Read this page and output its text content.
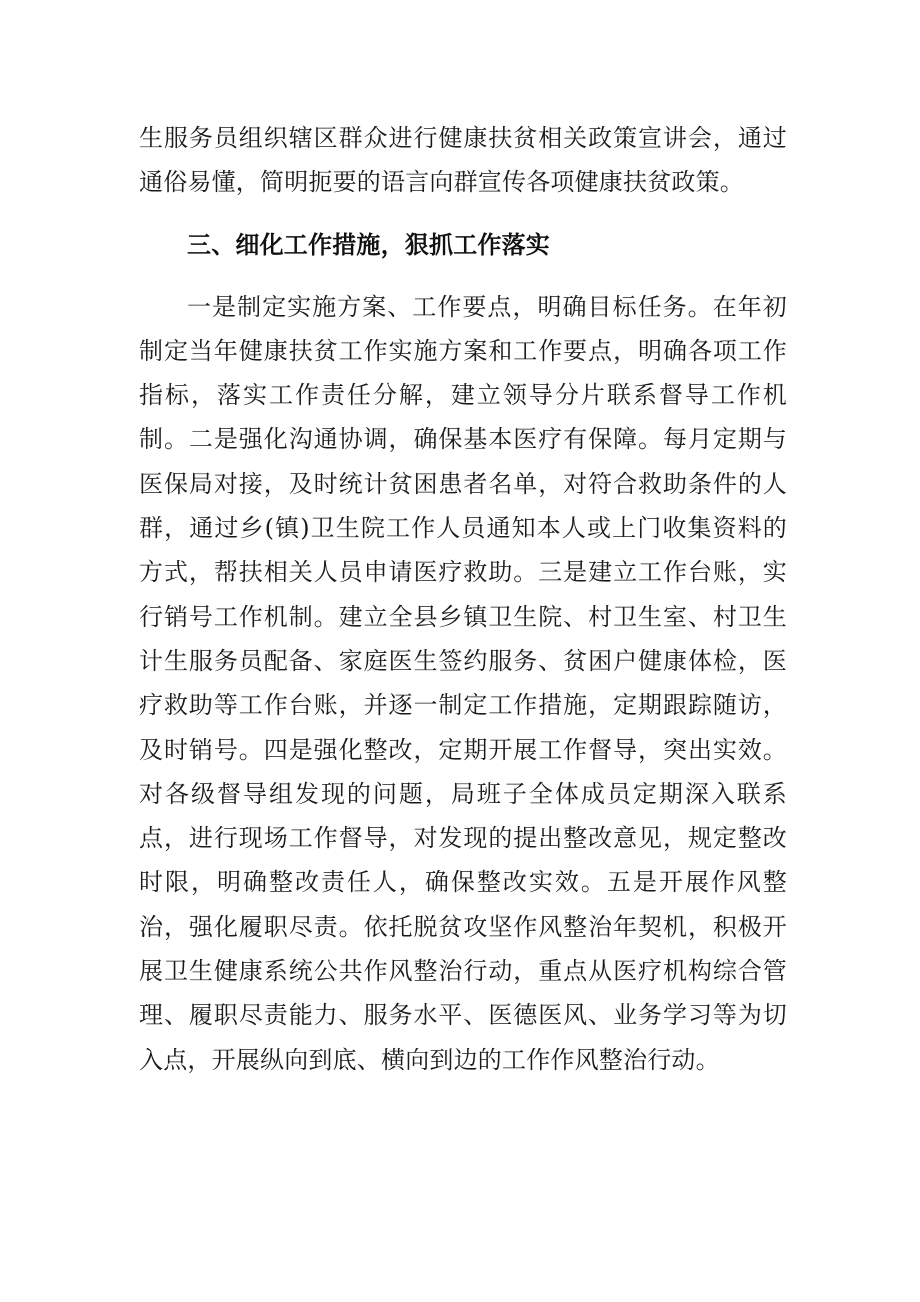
生服务员组织辖区群众进行健康扶贫相关政策宣讲会，通过通俗易懂，简明扼要的语言向群宣传各项健康扶贫政策。

三、细化工作措施，狠抓工作落实

一是制定实施方案、工作要点，明确目标任务。在年初制定当年健康扶贫工作实施方案和工作要点，明确各项工作指标，落实工作责任分解，建立领导分片联系督导工作机制。二是强化沟通协调，确保基本医疗有保障。每月定期与医保局对接，及时统计贫困患者名单，对符合救助条件的人群，通过乡(镇)卫生院工作人员通知本人或上门收集资料的方式，帮扶相关人员申请医疗救助。三是建立工作台账，实行销号工作机制。建立全县乡镇卫生院、村卫生室、村卫生计生服务员配备、家庭医生签约服务、贫困户健康体检，医疗救助等工作台账，并逐一制定工作措施，定期跟踪随访，及时销号。四是强化整改，定期开展工作督导，突出实效。对各级督导组发现的问题，局班子全体成员定期深入联系点，进行现场工作督导，对发现的提出整改意见，规定整改时限，明确整改责任人，确保整改实效。五是开展作风整治，强化履职尽责。依托脱贫攻坚作风整治年契机，积极开展卫生健康系统公共作风整治行动，重点从医疗机构综合管理、履职尽责能力、服务水平、医德医风、业务学习等为切入点，开展纵向到底、横向到边的工作作风整治行动。
